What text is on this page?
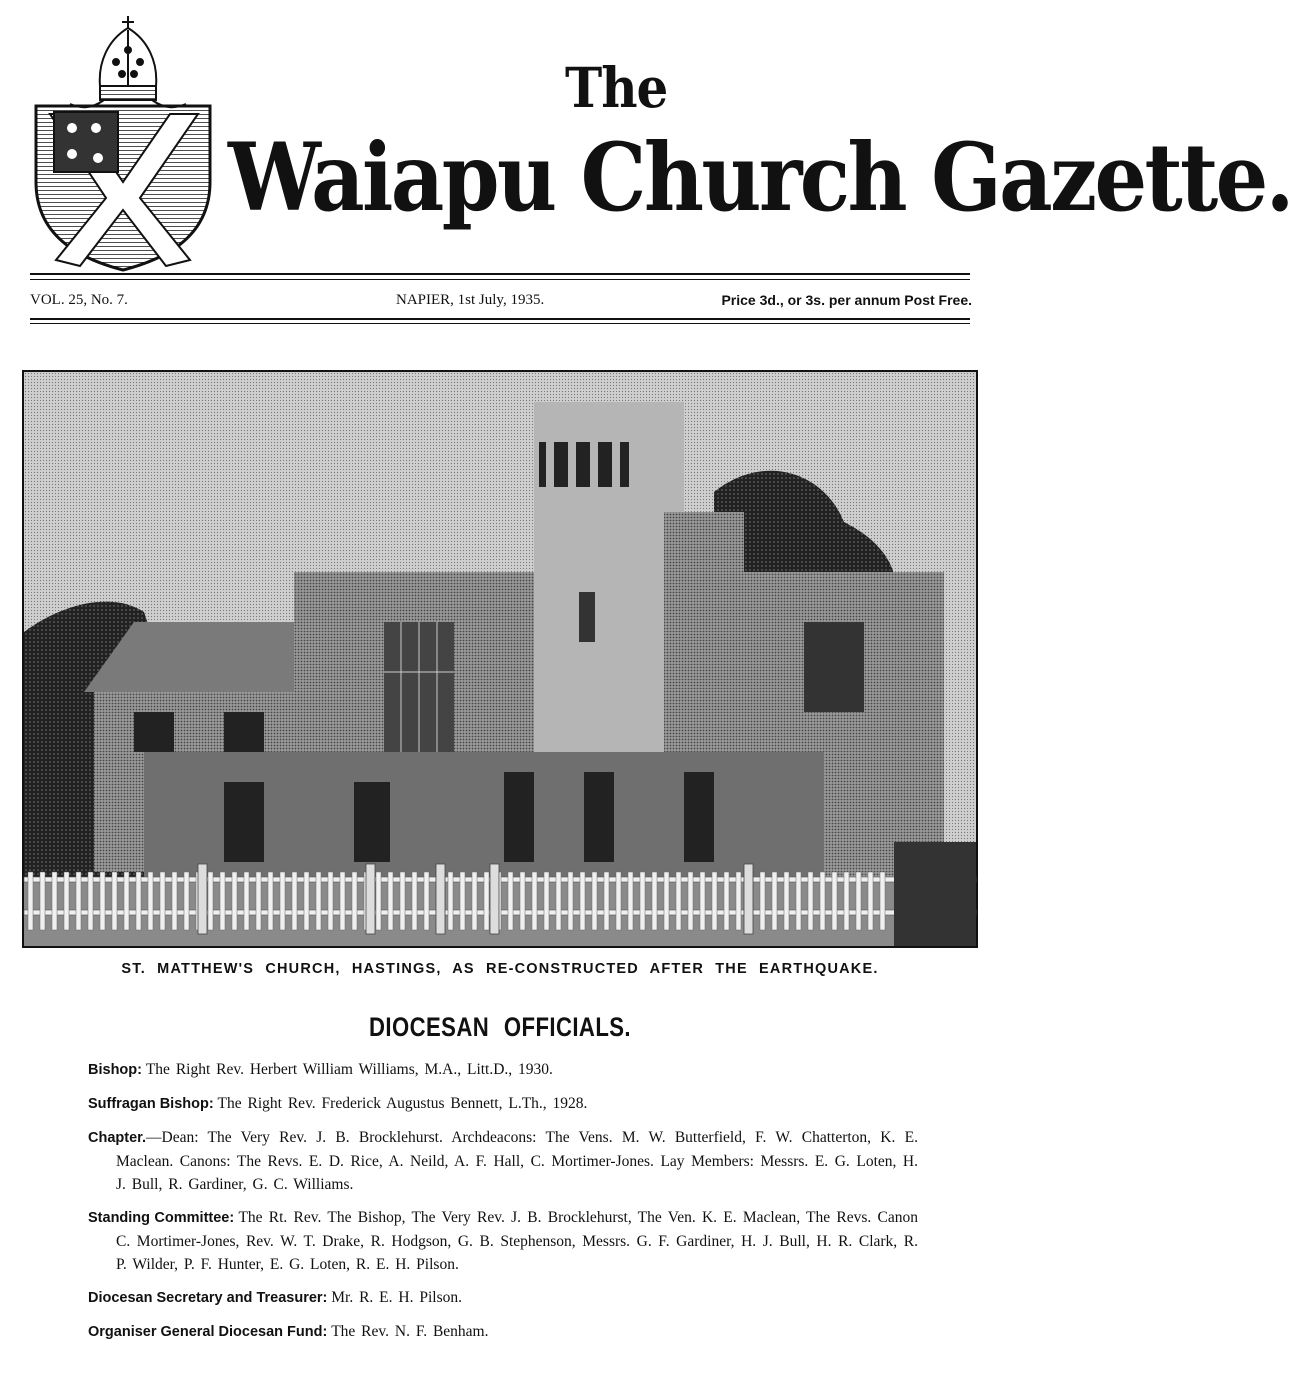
The
Waiapu Church Gazette.
VOL. 25, No. 7.	NAPIER, 1st July, 1935.	Price 3d., or 3s. per annum Post Free.
ST. MATTHEW'S CHURCH, HASTINGS, AS RE-CONSTRUCTED AFTER THE EARTHQUAKE.
DIOCESAN OFFICIALS.

Bishop: The Right Rev. Herbert William Williams, M.A., Litt.D., 1930.

Suffragan Bishop: The Right Rev. Frederick Augustus Bennett, L.Th., 1928.

Chapter.—Dean: The Very Rev. J. B. Brocklehurst. Archdeacons: The Vens. M. W. Butterfield, F. W. Chatterton, K. E. Maclean. Canons: The Revs. E. D. Rice, A. Neild, A. F. Hall, C. Mortimer-Jones. Lay Members: Messrs. E. G. Loten, H. J. Bull, R. Gardiner, G. C. Williams.

Standing Committee: The Rt. Rev. The Bishop, The Very Rev. J. B. Brocklehurst, The Ven. K. E. Maclean, The Revs. Canon C. Mortimer-Jones, Rev. W. T. Drake, R. Hodgson, G. B. Stephenson, Messrs. G. F. Gardiner, H. J. Bull, H. R. Clark, R. P. Wilder, P. F. Hunter, E. G. Loten, R. E. H. Pilson.

Diocesan Secretary and Treasurer: Mr. R. E. H. Pilson.

Organiser General Diocesan Fund: The Rev. N. F. Benham.
